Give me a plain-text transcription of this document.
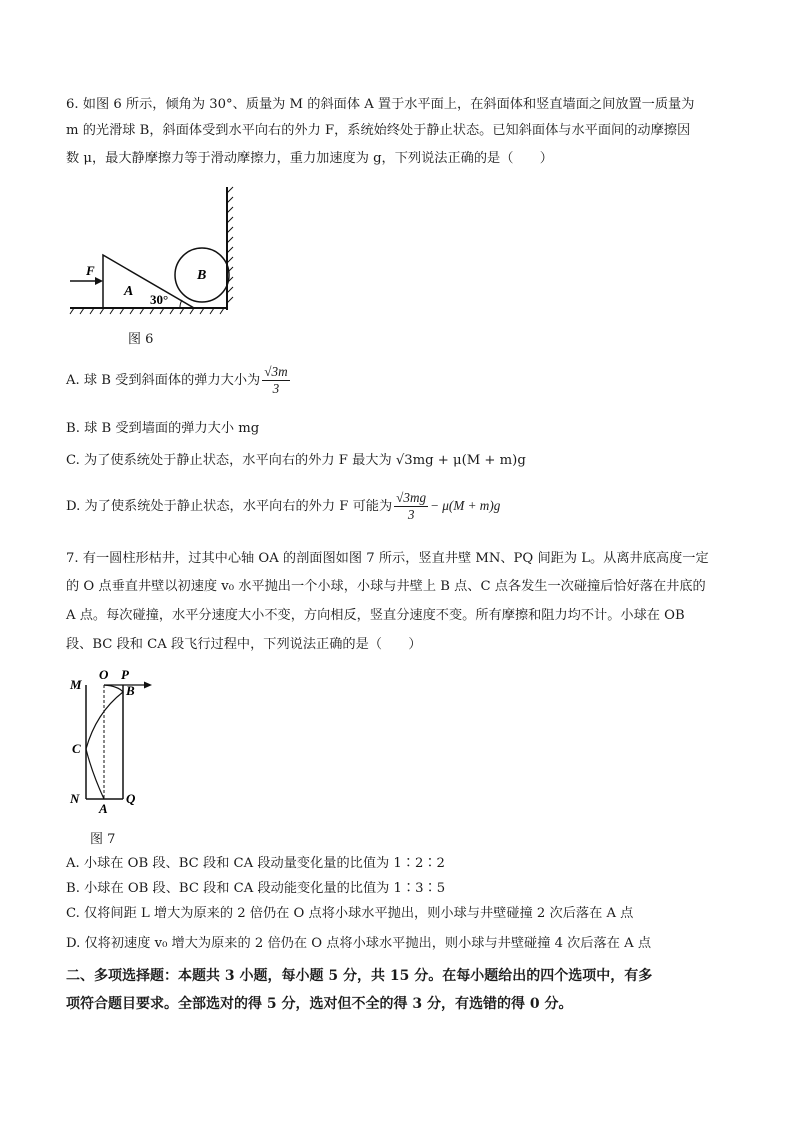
6. 如图 6 所示，倾角为 30°、质量为 M 的斜面体 A 置于水平面上，在斜面体和竖直墙面之间放置一质量为
m 的光滑球 B，斜面体受到水平向右的外力 F，系统始终处于静止状态。已知斜面体与水平面间的动摩擦因
数 μ，最大静摩擦力等于滑动摩擦力，重力加速度为 g，下列说法正确的是（　　）
F
A
B
30°
图 6
A. 球 B 受到斜面体的弹力大小为 $\frac{√3m}{3}$
B. 球 B 受到墙面的弹力大小 mg
C. 为了使系统处于静止状态，水平向右的外力 F 最大为 √3mg + μ(M + m)g
D. 为了使系统处于静止状态，水平向右的外力 F 可能为 $\frac{√3mg}{3} - \mu(M + m)g$
7. 有一圆柱形枯井，过其中心轴 OA 的剖面图如图 7 所示，竖直井壁 MN、PQ 间距为 L。从离井底高度一定
的 O 点垂直井壁以初速度 v₀ 水平抛出一个小球，小球与井壁上 B 点、C 点各发生一次碰撞后恰好落在井底的
A 点。每次碰撞，水平分速度大小不变，方向相反，竖直分速度不变。所有摩擦和阻力均不计。小球在 OB
段、BC 段和 CA 段飞行过程中，下列说法正确的是（　　）
M
O P
B
C
N
A
Q
图 7
A. 小球在 OB 段、BC 段和 CA 段动量变化量的比值为 1∶2∶2
B. 小球在 OB 段、BC 段和 CA 段动能变化量的比值为 1∶3∶5
C. 仅将间距 L 增大为原来的 2 倍仍在 O 点将小球水平抛出，则小球与井壁碰撞 2 次后落在 A 点
D. 仅将初速度 v₀ 增大为原来的 2 倍仍在 O 点将小球水平抛出，则小球与井壁碰撞 4 次后落在 A 点
二、多项选择题：本题共 3 小题，每小题 5 分，共 15 分。在每小题给出的四个选项中，有多
项符合题目要求。全部选对的得 5 分，选对但不全的得 3 分，有选错的得 0 分。
